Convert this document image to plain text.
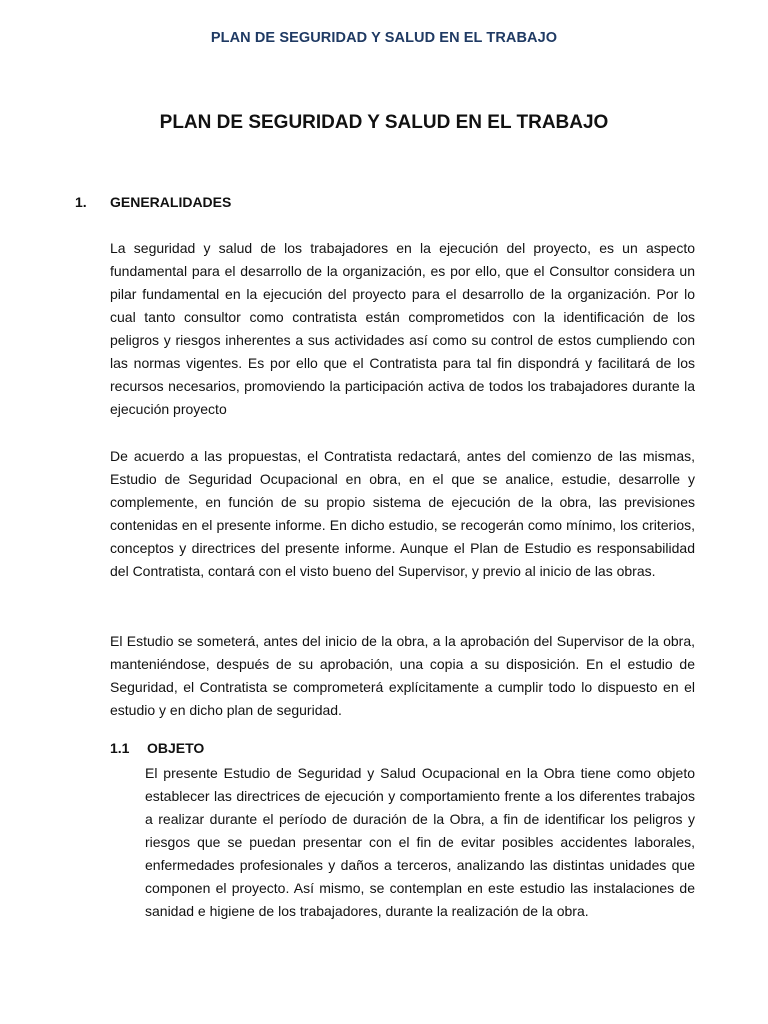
PLAN DE SEGURIDAD Y SALUD EN EL TRABAJO
PLAN DE SEGURIDAD Y SALUD EN EL TRABAJO
1. GENERALIDADES
La seguridad y salud de los trabajadores en la ejecución del proyecto, es un aspecto fundamental para el desarrollo de la organización, es por ello, que el Consultor considera un pilar fundamental en la ejecución del proyecto para el desarrollo de la organización. Por lo cual tanto consultor como contratista están comprometidos con la identificación de los peligros y riesgos inherentes a sus actividades así como su control de estos cumpliendo con las normas vigentes. Es por ello que el Contratista para tal fin dispondrá y facilitará de los recursos necesarios, promoviendo la participación activa de todos los trabajadores durante la ejecución proyecto
De acuerdo a las propuestas, el Contratista redactará, antes del comienzo de las mismas, Estudio de Seguridad Ocupacional en obra, en el que se analice, estudie, desarrolle y complemente, en función de su propio sistema de ejecución de la obra, las previsiones contenidas en el presente informe. En dicho estudio, se recogerán como mínimo, los criterios, conceptos y directrices del presente informe. Aunque el Plan de Estudio es responsabilidad del Contratista, contará con el visto bueno del Supervisor, y previo al inicio de las obras.
El Estudio se someterá, antes del inicio de la obra, a la aprobación del Supervisor de la obra, manteniéndose, después de su aprobación, una copia a su disposición. En el estudio de Seguridad, el Contratista se comprometerá explícitamente a cumplir todo lo dispuesto en el estudio y en dicho plan de seguridad.
1.1 OBJETO
El presente Estudio de Seguridad y Salud Ocupacional en la Obra tiene como objeto establecer las directrices de ejecución y comportamiento frente a los diferentes trabajos a realizar durante el período de duración de la Obra, a fin de identificar los peligros y riesgos que se puedan presentar con el fin de evitar posibles accidentes laborales, enfermedades profesionales y daños a terceros, analizando las distintas unidades que componen el proyecto. Así mismo, se contemplan en este estudio las instalaciones de sanidad e higiene de los trabajadores, durante la realización de la obra.
